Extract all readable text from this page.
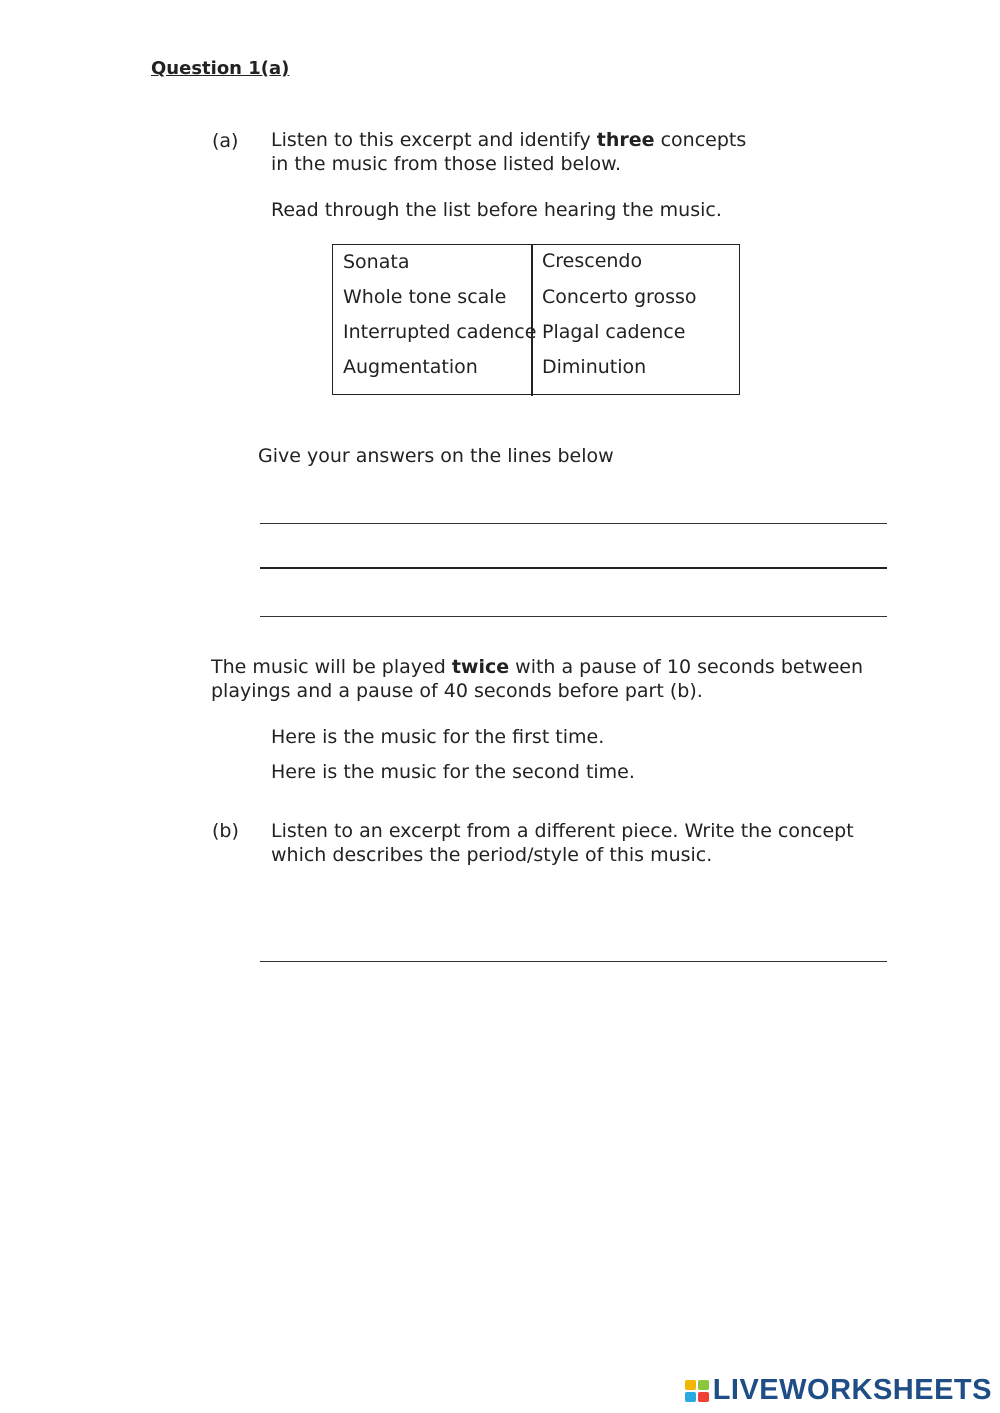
Question 1(a)
(a) Listen to this excerpt and identify three concepts
in the music from those listed below.
Read through the list before hearing the music.
Sonata
Whole tone scale
Interrupted cadence
Augmentation
Crescendo
Concerto grosso
Plagal cadence
Diminution
Give your answers on the lines below
The music will be played twice with a pause of 10 seconds between
playings and a pause of 40 seconds before part (b).
Here is the music for the first time.
Here is the music for the second time.
(b) Listen to an excerpt from a different piece. Write the concept
which describes the period/style of this music.
LIVEWORKSHEETS
